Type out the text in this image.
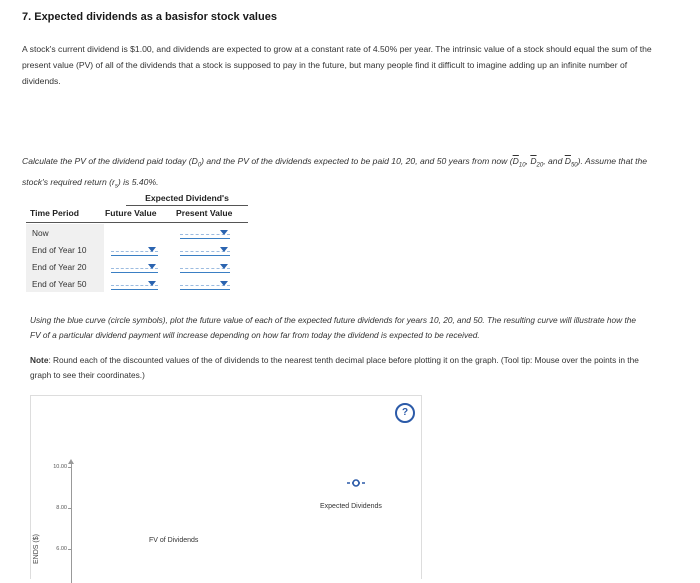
7. Expected dividends as a basisfor stock values
A stock's current dividend is $1.00, and dividends are expected to grow at a constant rate of 4.50% per year. The intrinsic value of a stock should equal the sum of the present value (PV) of all of the dividends that a stock is supposed to pay in the future, but many people find it difficult to imagine adding up an infinite number of dividends.
Calculate the PV of the dividend paid today $(D_0)$ and the PV of the dividends expected to be paid 10, 20, and 50 years from now ($\overline{D}_{10}$, $\overline{D}_{20}$, and $\overline{D}_{50}$). Assume that the stock's required return $(r_s)$ is 5.40%.
Expected Dividend's
Time Period	Future Value Present Value
Now
End of Year 10
End of Year 20
End of Year 50
Using the blue curve (circle symbols), plot the future value of each of the expected future dividends for years 10, 20, and 50. The resulting curve will illustrate how the FV of a particular dividend payment will increase depending on how far from today the dividend is expected to be received.
Note: Round each of the discounted values of the of dividends to the nearest tenth decimal place before plotting it on the graph. (Tool tip: Mouse over the points in the graph to see their coordinates.)
10.00
8.00
6.00
ENDS ($)	FV of Dividends
?
Expected Dividends
